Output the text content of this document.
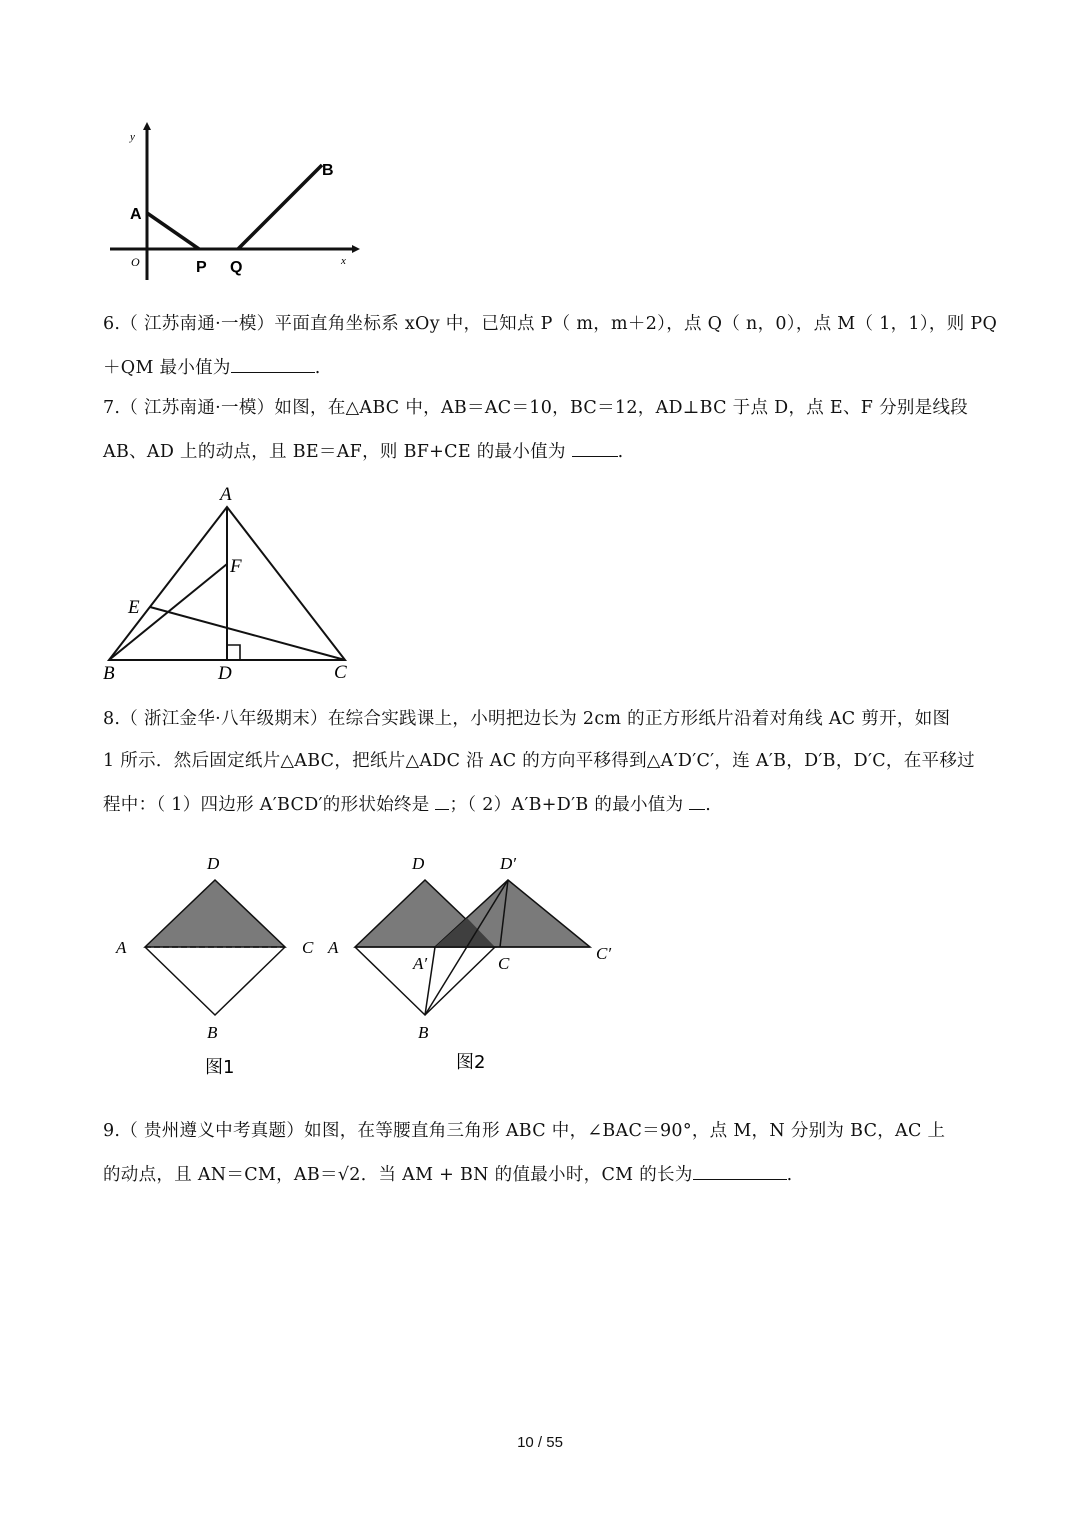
y
x
O
A
P Q
B
6.（ 江苏南通·一模）平面直角坐标系 xOy 中，已知点 P（ m，m＋2），点 Q（ n，0），点 M（ 1，1），则 PQ
＋QM 最小值为	.
7.（ 江苏南通·一模）如图，在△ABC 中，AB＝AC＝10，BC＝12，AD⊥BC 于点 D，点 E、F 分别是线段
AB、AD 上的动点，且 BE＝AF，则 BF+CE 的最小值为	.
A
F
E
B	D	C
8.（ 浙江金华·八年级期末）在综合实践课上，小明把边长为 2cm 的正方形纸片沿着对角线 AC 剪开，如图
1 所示．然后固定纸片△ABC，把纸片△ADC 沿 AC 的方向平移得到△A′D′C′，连 A′B，D′B，D′C，在平移过
程中：（ 1）四边形 A′BCD′的形状始终是 ；（ 2）A′B+D′B 的最小值为 .
D
A	C
B
图1
D	D′
A
A′	C
C′
B
图2
9.（ 贵州遵义中考真题）如图，在等腰直角三角形 ABC 中，∠BAC＝90°，点 M，N 分别为 BC，AC 上
的动点，且 AN＝CM，AB＝√2．当 AM + BN 的值最小时，CM 的长为	.
10 / 55
